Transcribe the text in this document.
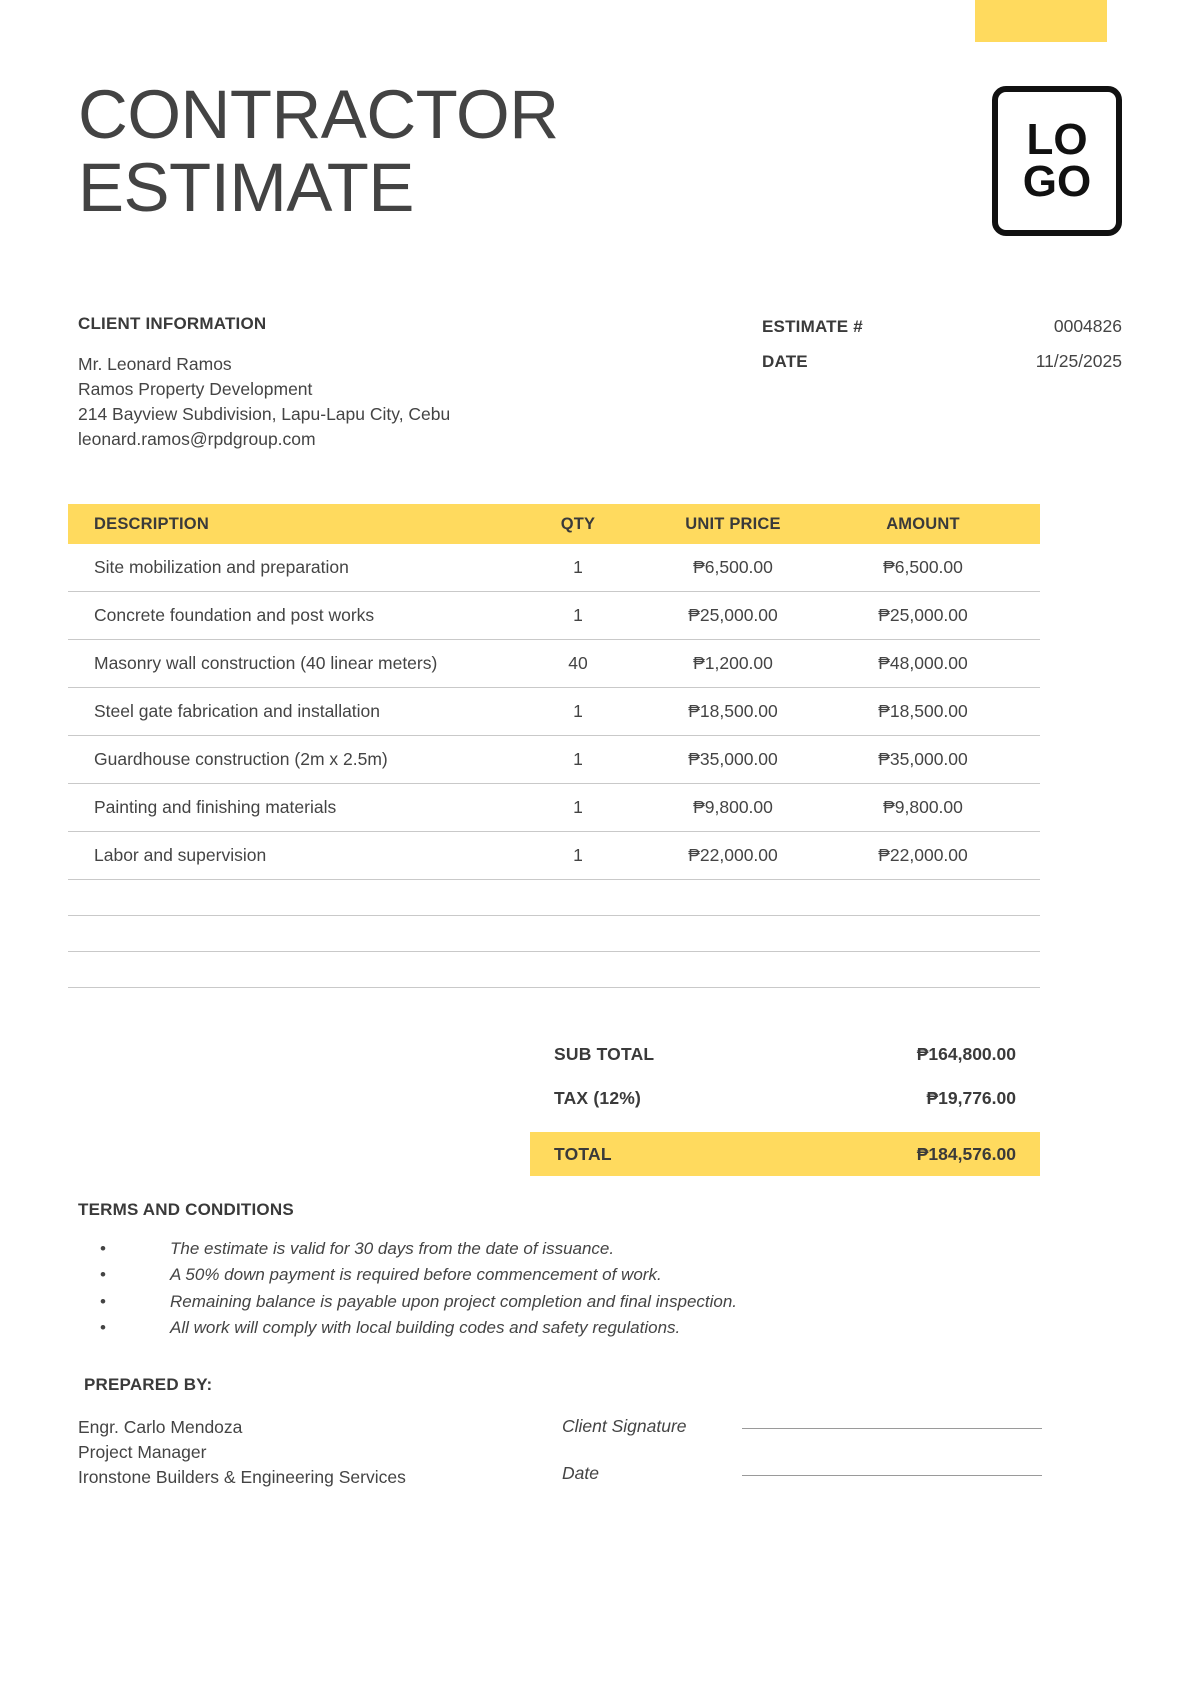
CONTRACTOR
ESTIMATE
LO
GO
CLIENT INFORMATION
Mr. Leonard Ramos
Ramos Property Development
214 Bayview Subdivision, Lapu-Lapu City, Cebu
leonard.ramos@rpdgroup.com
ESTIMATE #	0004826
DATE	11/25/2025
DESCRIPTION	QTY	UNIT PRICE	AMOUNT
Site mobilization and preparation	1	₱6,500.00	₱6,500.00
Concrete foundation and post works	1	₱25,000.00	₱25,000.00
Masonry wall construction (40 linear meters)	40	₱1,200.00	₱48,000.00
Steel gate fabrication and installation	1	₱18,500.00	₱18,500.00
Guardhouse construction (2m x 2.5m)	1	₱35,000.00	₱35,000.00
Painting and finishing materials	1	₱9,800.00	₱9,800.00
Labor and supervision	1	₱22,000.00	₱22,000.00
SUB TOTAL	₱164,800.00
TAX (12%)	₱19,776.00
TOTAL	₱184,576.00
TERMS AND CONDITIONS
• The estimate is valid for 30 days from the date of issuance.
• A 50% down payment is required before commencement of work.
• Remaining balance is payable upon project completion and final inspection.
• All work will comply with local building codes and safety regulations.
PREPARED BY:
Engr. Carlo Mendoza
Project Manager
Ironstone Builders & Engineering Services
Client Signature
Date
